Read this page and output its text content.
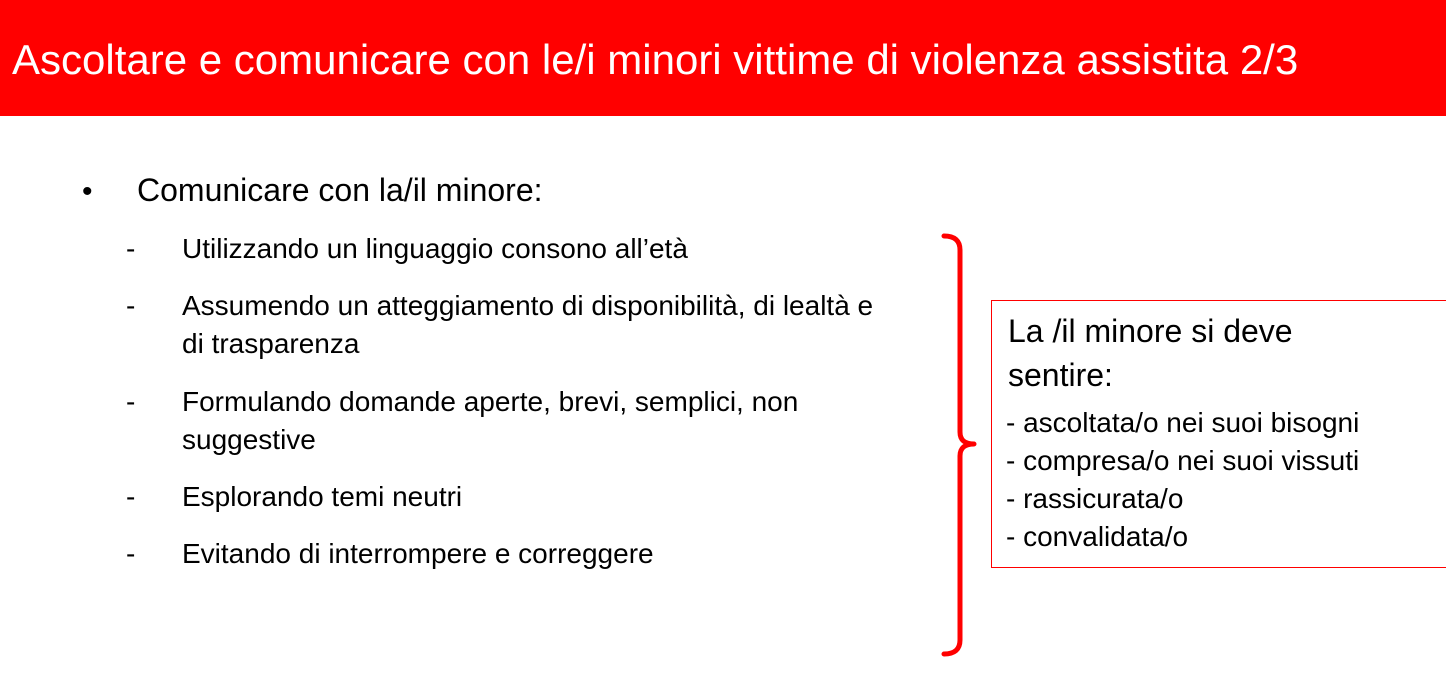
Ascoltare e comunicare con le/i minori vittime di violenza assistita 2/3
• Comunicare con la/il minore:
- Utilizzando un linguaggio consono all’età
- Assumendo un atteggiamento di disponibilità, di lealtà e di trasparenza
- Formulando domande aperte, brevi, semplici, non suggestive
- Esplorando temi neutri
- Evitando di interrompere e correggere
La /il minore si deve
sentire:
- ascoltata/o nei suoi bisogni
- compresa/o nei suoi vissuti
- rassicurata/o
- convalidata/o
